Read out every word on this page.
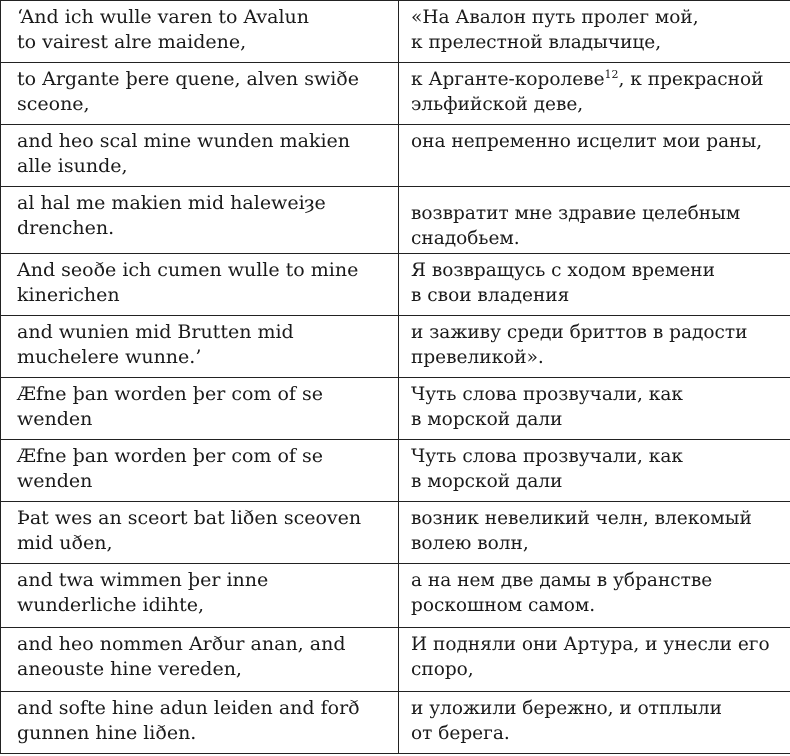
‘And ich wulle varen to Avalun
to vairest alre maidene,	«На Авалон путь пролег мой,
к прелестной владычице,

to Argante þere quene, alven swiðe
sceone,	к Арганте-королеве$^{12}$, к прекрасной
эльфийской деве,

and heo scal mine wunden makien
alle isunde,	она непременно исцелит мои раны,

al hal me makien mid haleweiȝe
drenchen.	возвратит мне здравие целебным
снадобьем.

And seoðe ich cumen wulle to mine
kinerichen	Я возвращусь с ходом времени
в свои владения

and wunien mid Brutten mid
muchelere wunne.’	и заживу среди бриттов в радости
превеликой».

Æfne þan worden þer com of se
wenden	Чуть слова прозвучали, как
в морской дали

Æfne þan worden þer com of se
wenden	Чуть слова прозвучали, как
в морской дали

Þat wes an sceort bat liðen sceoven
mid uðen,	возник невеликий челн, влекомый
волею волн,

and twa wimmen þer inne
wunderliche idihte,	а на нем две дамы в убранстве
роскошном самом.

and heo nommen Arður anan, and
aneouste hine vereden,	И подняли они Артура, и унесли его
споро,

and softe hine adun leiden and forð
gunnen hine liðen.	и уложили бережно, и отплыли
от берега.
